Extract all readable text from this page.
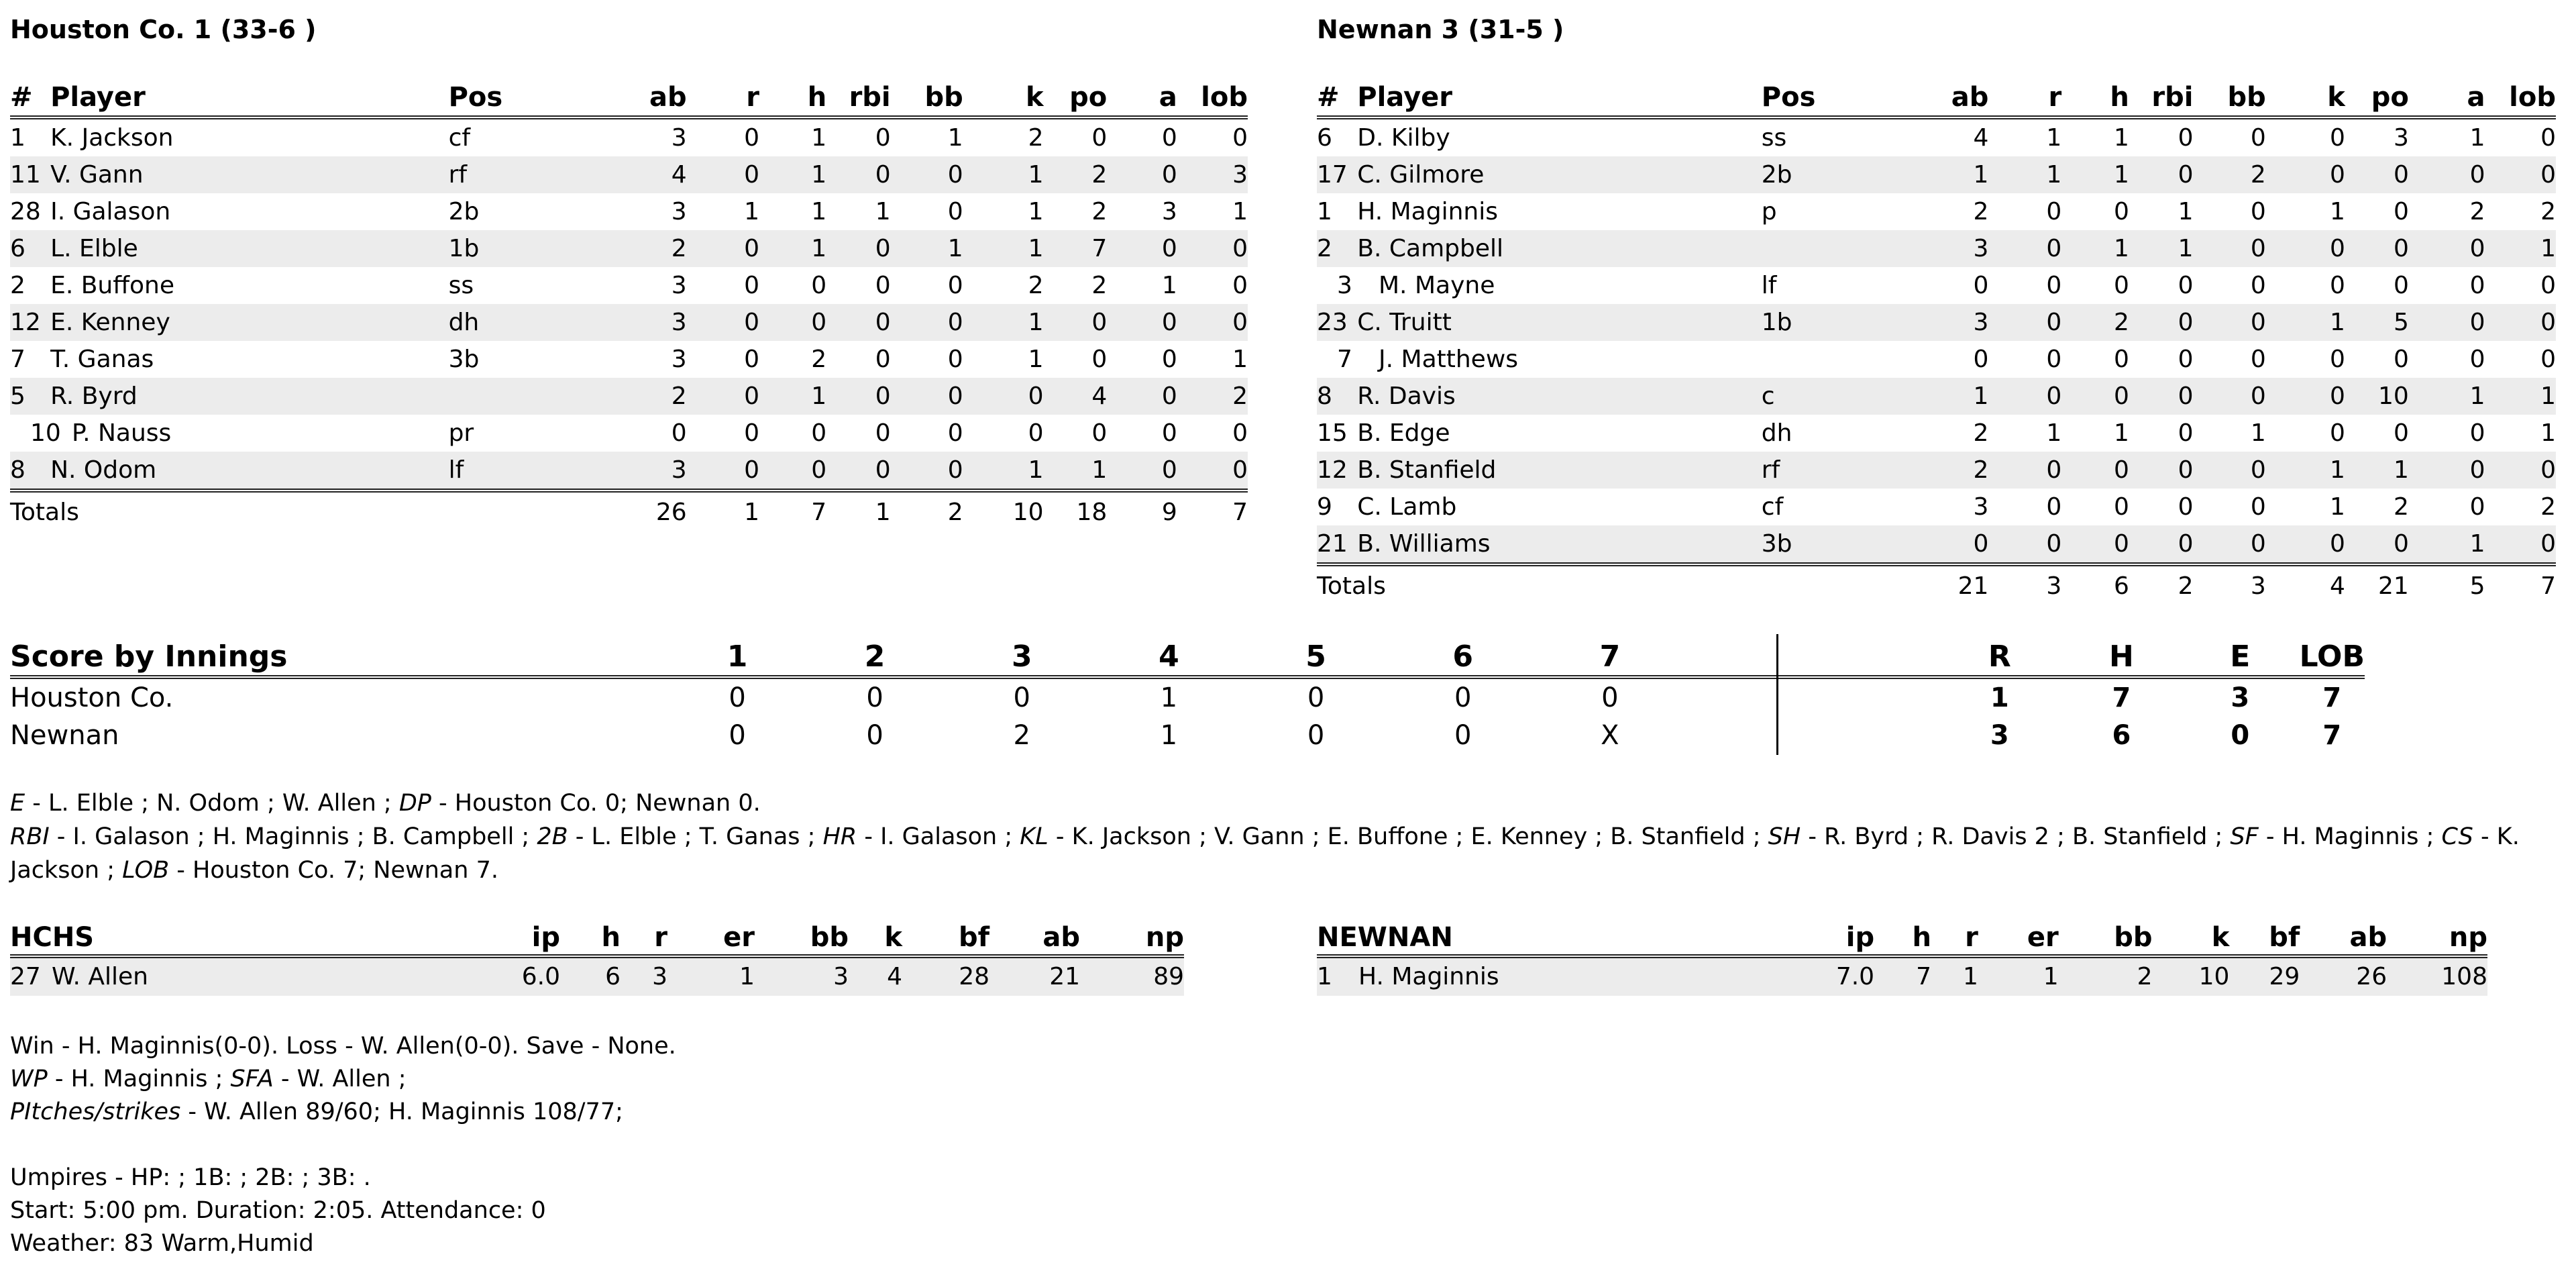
Houston Co. 1 (33-6 )
#	Player	Pos	ab	r	h	rbi	bb	k	po	a	lob
1	K. Jackson	cf	3	0	1	0	1	2	0	0	0
11	V. Gann	rf	4	0	1	0	0	1	2	0	3
28	I. Galason	2b	3	1	1	1	0	1	2	3	1
6	L. Elble	1b	2	0	1	0	1	1	7	0	0
2	E. Buffone	ss	3	0	0	0	0	2	2	1	0
12	E. Kenney	dh	3	0	0	0	0	1	0	0	0
7	T. Ganas	3b	3	0	2	0	0	1	0	0	1
5	R. Byrd		2	0	1	0	0	0	4	0	2
10 P. Nauss		pr	0	0	0	0	0	0	0	0	0
8	N. Odom	lf	3	0	0	0	0	1	1	0	0
Totals			26	1	7	1	2	10	18	9	7
Newnan 3 (31-5 )
#	Player	Pos	ab	r	h	rbi	bb	k	po	a	lob
6	D. Kilby	ss	4	1	1	0	0	0	3	1	0
17	C. Gilmore	2b	1	1	1	0	2	0	0	0	0
1	H. Maginnis	p	2	0	0	1	0	1	0	2	2
2	B. Campbell		3	0	1	1	0	0	0	0	1
3 M. Mayne		lf	0	0	0	0	0	0	0	0	0
23	C. Truitt	1b	3	0	2	0	0	1	5	0	0
7 J. Matthews			0	0	0	0	0	0	0	0	0
8	R. Davis	c	1	0	0	0	0	0	10	1	1
15	B. Edge	dh	2	1	1	0	1	0	0	0	1
12	B. Stanfield	rf	2	0	0	0	0	1	1	0	0
9	C. Lamb	cf	3	0	0	0	0	1	2	0	2
21	B. Williams	3b	0	0	0	0	0	0	0	1	0
Totals			21	3	6	2	3	4	21	5	7
Score by Innings	1	2	3	4	5	6	7		R	H	E	LOB
Houston Co.	0	0	0	1	0	0	0		1	7	3	7
Newnan	0	0	2	1	0	0	X		3	6	0	7
E - L. Elble ; N. Odom ; W. Allen ; DP - Houston Co. 0; Newnan 0.
RBI - I. Galason ; H. Maginnis ; B. Campbell ; 2B - L. Elble ; T. Ganas ; HR - I. Galason ; KL - K. Jackson ; V. Gann ; E. Buffone ; E. Kenney ; B. Stanfield ; SH - R. Byrd ; R. Davis 2 ; B. Stanfield ; SF - H. Maginnis ; CS - K. Jackson ; LOB - Houston Co. 7; Newnan 7.
HCHS	ip	h	r	er	bb	k	bf	ab	np
27 W. Allen	6.0	6	3	1	3	4	28	21	89
NEWNAN	ip	h	r	er	bb	k	bf	ab	np
1 H. Maginnis	7.0	7	1	1	2	10	29	26	108
Win - H. Maginnis(0-0). Loss - W. Allen(0-0). Save - None.
WP - H. Maginnis ; SFA - W. Allen ;
PItches/strikes - W. Allen 89/60; H. Maginnis 108/77;
Umpires - HP: ; 1B: ; 2B: ; 3B: .
Start: 5:00 pm. Duration: 2:05. Attendance: 0
Weather: 83 Warm,Humid
